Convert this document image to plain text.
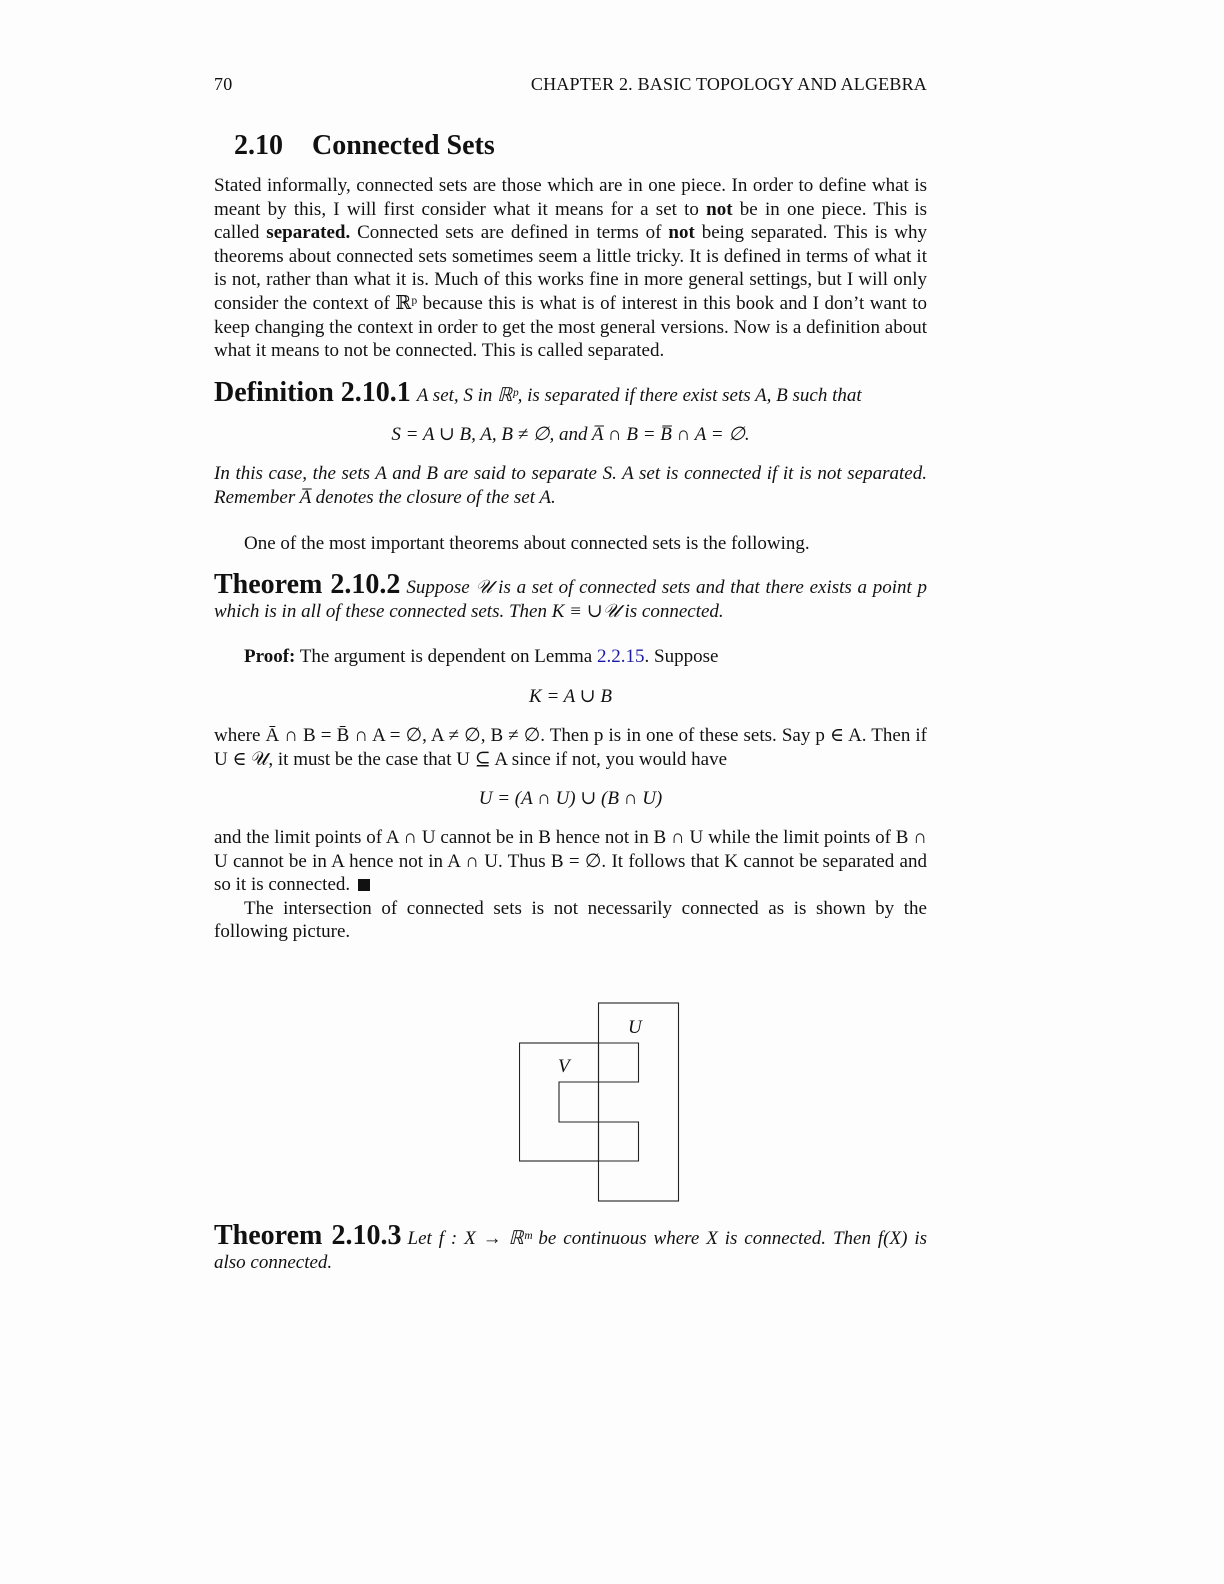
70	CHAPTER 2. BASIC TOPOLOGY AND ALGEBRA
2.10 Connected Sets

Stated informally, connected sets are those which are in one piece. In order to define what is meant by this, I will first consider what it means for a set to not be in one piece. This is called separated. Connected sets are defined in terms of not being separated. This is why theorems about connected sets sometimes seem a little tricky. It is defined in terms of what it is not, rather than what it is. Much of this works fine in more general settings, but I will only consider the context of ℝᵖ because this is what is of interest in this book and I don’t want to keep changing the context in order to get the most general versions. Now is a definition about what it means to not be connected. This is called separated.

Definition 2.10.1 A set, S in ℝᵖ, is separated if there exist sets A, B such that

S = A ∪ B, A, B ≠ ∅, and A̅ ∩ B = B̅ ∩ A = ∅.

In this case, the sets A and B are said to separate S. A set is connected if it is not separated. Remember A̅ denotes the closure of the set A.

One of the most important theorems about connected sets is the following.

Theorem 2.10.2 Suppose 𝒰 is a set of connected sets and that there exists a point p which is in all of these connected sets. Then K ≡ ∪𝒰 is connected.

Proof: The argument is dependent on Lemma 2.2.15. Suppose

K = A ∪ B

where Ā ∩ B = B̄ ∩ A = ∅, A ≠ ∅, B ≠ ∅. Then p is in one of these sets. Say p ∈ A. Then if U ∈ 𝒰, it must be the case that U ⊆ A since if not, you would have

U = (A ∩ U) ∪ (B ∩ U)

and the limit points of A ∩ U cannot be in B hence not in B ∩ U while the limit points of B ∩ U cannot be in A hence not in A ∩ U. Thus B = ∅. It follows that K cannot be separated and so it is connected.

The intersection of connected sets is not necessarily connected as is shown by the following picture.

U
V

Theorem 2.10.3 Let f : X → ℝᵐ be continuous where X is connected. Then f(X) is also connected.
